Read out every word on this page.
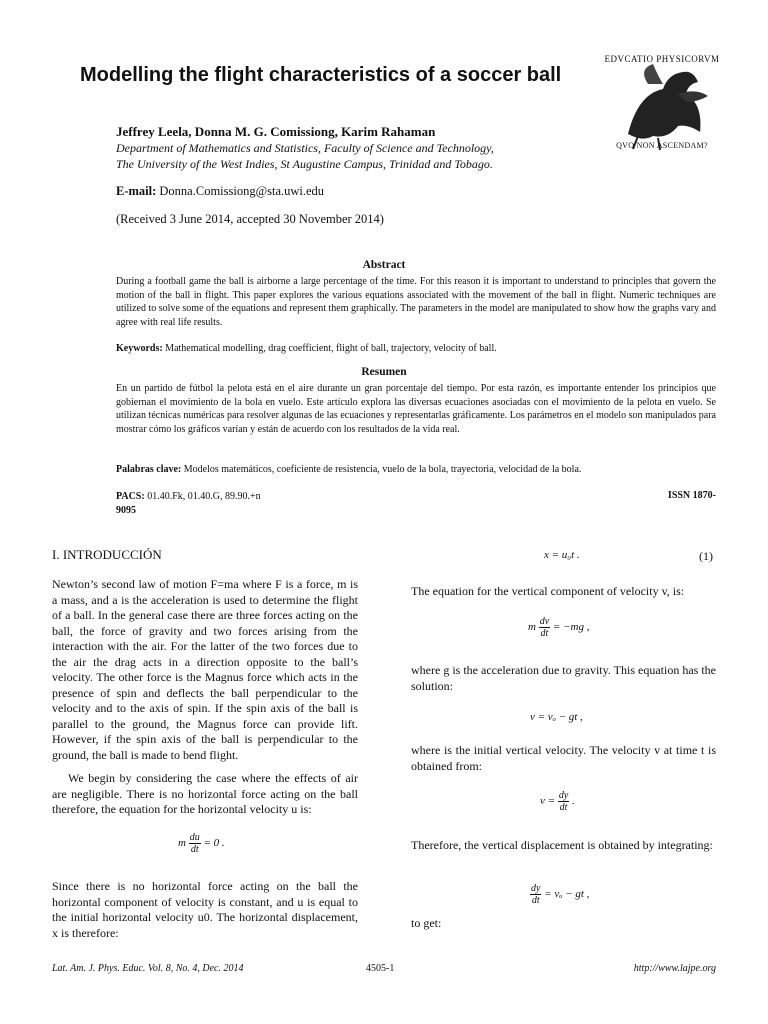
Modelling the flight characteristics of a soccer ball
EDVCATIO PHYSICORVM
QVO NON ASCENDAM?
Jeffrey Leela, Donna M. G. Comissiong, Karim Rahaman
Department of Mathematics and Statistics, Faculty of Science and Technology,
The University of the West Indies, St Augustine Campus, Trinidad and Tobago.
E-mail: Donna.Comissiong@sta.uwi.edu
(Received 3 June 2014, accepted 30 November 2014)
Abstract
During a football game the ball is airborne a large percentage of the time. For this reason it is important to understand to principles that govern the motion of the ball in flight. This paper explores the various equations associated with the movement of the ball in flight. Numeric techniques are utilized to solve some of the equations and represent them graphically. The parameters in the model are manipulated to show how the graphs vary and agree with real life results.
Keywords: Mathematical modelling, drag coefficient, flight of ball, trajectory, velocity of ball.
Resumen
En un partido de fútbol la pelota está en el aire durante un gran porcentaje del tiempo. Por esta razón, es importante entender los principios que gobiernan el movimiento de la bola en vuelo. Este artículo explora las diversas ecuaciones asociadas con el movimiento de la pelota en vuelo. Se utilizan técnicas numéricas para resolver algunas de las ecuaciones y representarlas gráficamente. Los parámetros en el modelo son manipulados para mostrar cómo los gráficos varían y están de acuerdo con los resultados de la vida real.
Palabras clave: Modelos matemáticos, coeficiente de resistencia, vuelo de la bola, trayectoria, velocidad de la bola.
PACS: 01.40.Fk, 01.40.G, 89.90.+n
9095
ISSN 1870-
I. INTRODUCCIÓN
Newton’s second law of motion F=ma where F is a force, m is a mass, and a is the acceleration is used to determine the flight of a ball. In the general case there are three forces acting on the ball, the force of gravity and two forces arising from the interaction with the air. For the latter of the two forces due to the air the drag acts in a direction opposite to the ball’s velocity. The other force is the Magnus force which acts in the presence of spin and deflects the ball perpendicular to the velocity and to the axis of spin. If the spin axis of the ball is parallel to the ground, the Magnus force can provide lift. However, if the spin axis of the ball is perpendicular to the ground, the ball is made to bend flight.
We begin by considering the case where the effects of air are negligible. There is no horizontal force acting on the ball therefore, the equation for the horizontal velocity u is:
m $\frac{du}{dt} = 0$ .
Since there is no horizontal force acting on the ball the horizontal component of velocity is constant, and u is equal to the initial horizontal velocity u0. The horizontal displacement, x is therefore:
x = u₀t .	(1)
The equation for the vertical component of velocity v, is:
m $\frac{dv}{dt} = -mg$ ,
where g is the acceleration due to gravity. This equation has the solution:
v = vₒ − gt ,
where is the initial vertical velocity. The velocity v at time t is obtained from:
$v = \frac{dy}{dt}$ .
Therefore, the vertical displacement is obtained by integrating:
$\frac{dy}{dt} = v_o$ − gt ,
to get:
Lat. Am. J. Phys. Educ. Vol. 8, No. 4, Dec. 2014	4505-1	http://www.lajpe.org
